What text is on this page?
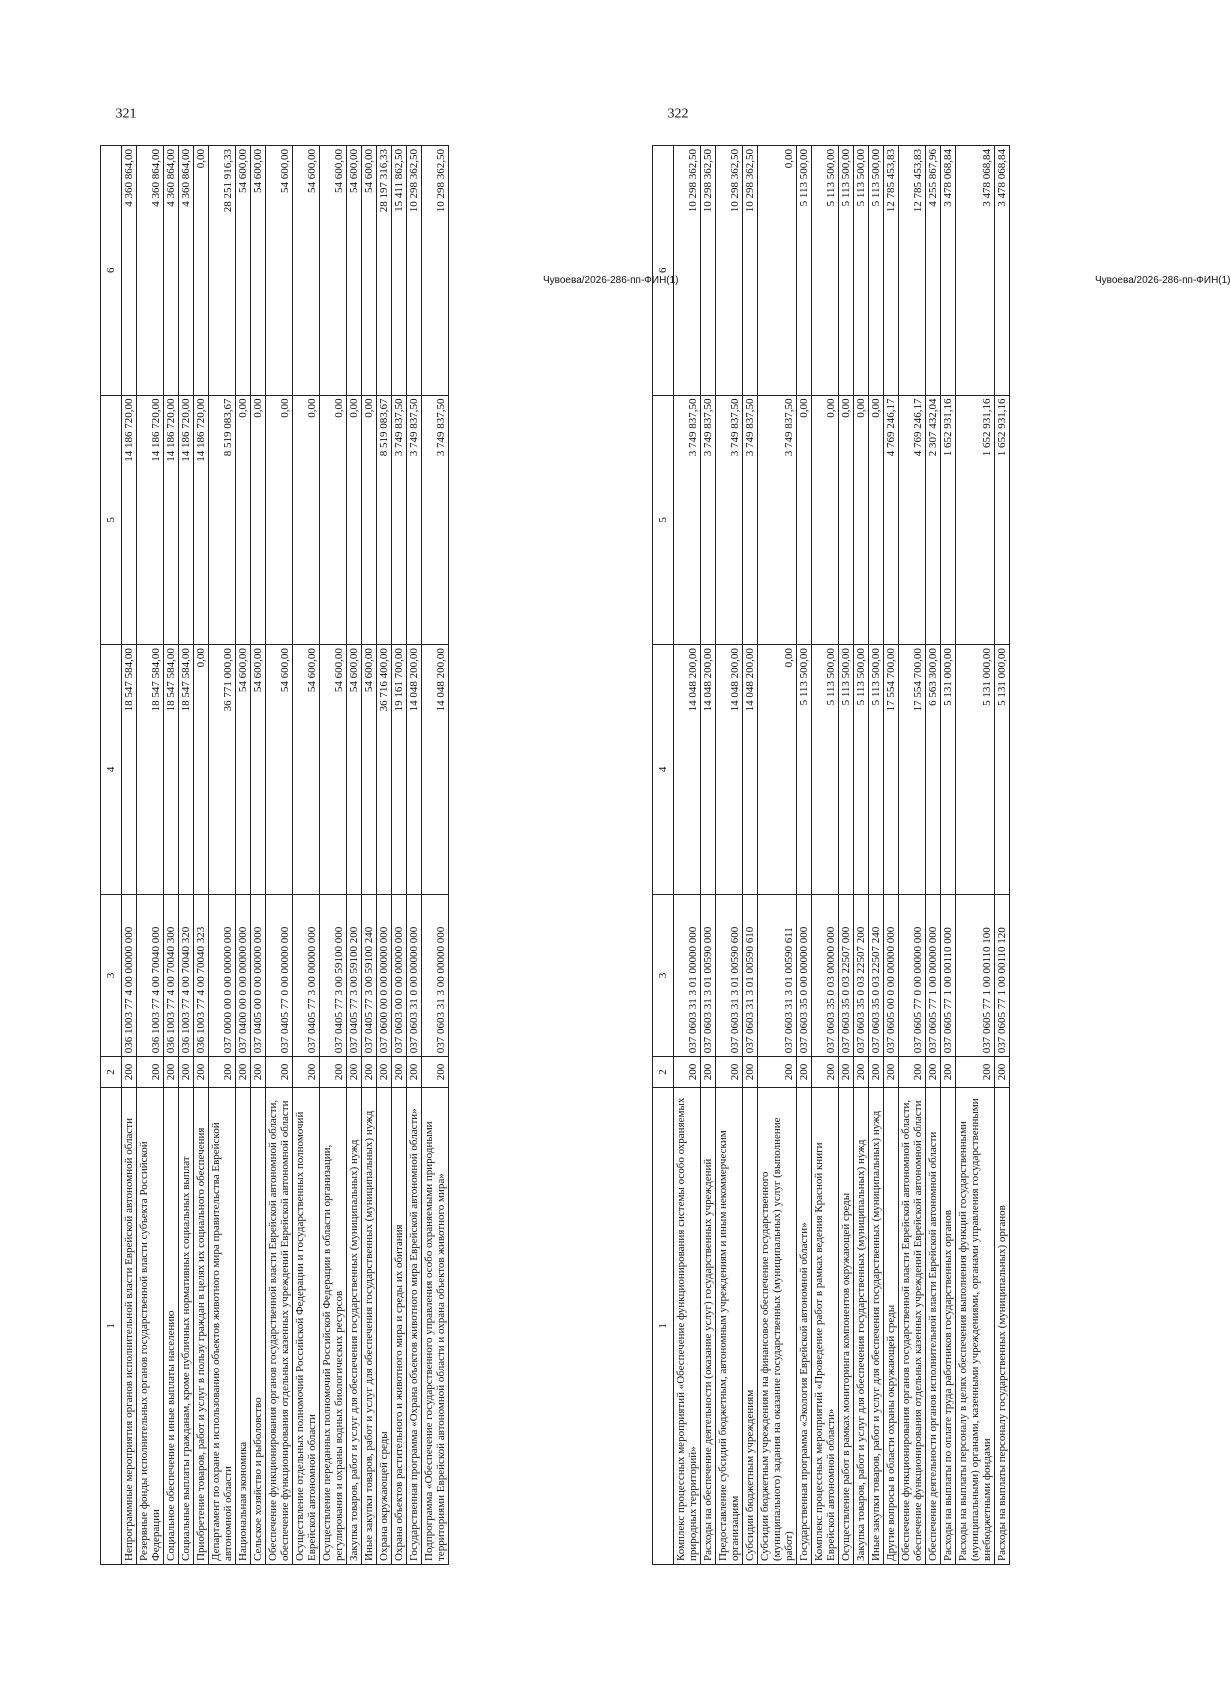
321
1	2	3	4	5	6
Непрограммные мероприятия органов исполнительной власти Еврейской автономной области	200	036 1003 77 4 00 00000 000	18 547 584,00	14 186 720,00	4 360 864,00
Резервные фонды исполнительных органов государственной власти субъекта Российской Федерации	200	036 1003 77 4 00 70040 000	18 547 584,00	14 186 720,00	4 360 864,00
Социальное обеспечение и иные выплаты населению	200	036 1003 77 4 00 70040 300	18 547 584,00	14 186 720,00	4 360 864,00
Социальные выплаты гражданам, кроме публичных нормативных социальных выплат	200	036 1003 77 4 00 70040 320	18 547 584,00	14 186 720,00	4 360 864,00
Приобретение товаров, работ и услуг в пользу граждан в целях их социального обеспечения	200	036 1003 77 4 00 70040 323	0,00	14 186 720,00	0,00
Департамент по охране и использованию объектов животного мира правительства Еврейской автономной области	200	037 0000 00 0 00 00000 000	36 771 000,00	8 519 083,67	28 251 916,33
Национальная экономика	200	037 0400 00 0 00 00000 000	54 600,00	0,00	54 600,00
Сельское хозяйство и рыболовство	200	037 0405 00 0 00 00000 000	54 600,00	0,00	54 600,00
Обеспечение функционирования органов государственной власти Еврейской автономной области, обеспечение функционирования отдельных казенных учреждений Еврейской автономной области	200	037 0405 77 0 00 00000 000	54 600,00	0,00	54 600,00
Осуществление отдельных полномочий Российской Федерации и государственных полномочий Еврейской автономной области	200	037 0405 77 3 00 00000 000	54 600,00	0,00	54 600,00
Осуществление переданных полномочий Российской Федерации в области организации, регулирования и охраны водных биологических ресурсов	200	037 0405 77 3 00 59100 000	54 600,00	0,00	54 600,00
Закупка товаров, работ и услуг для обеспечения государственных (муниципальных) нужд	200	037 0405 77 3 00 59100 200	54 600,00	0,00	54 600,00
Иные закупки товаров, работ и услуг для обеспечения государственных (муниципальных) нужд	200	037 0405 77 3 00 59100 240	54 600,00	0,00	54 600,00
Охрана окружающей среды	200	037 0600 00 0 00 00000 000	36 716 400,00	8 519 083,67	28 197 316,33
Охрана объектов растительного и животного мира и среды их обитания	200	037 0603 00 0 00 00000 000	19 161 700,00	3 749 837,50	15 411 862,50
Государственная программа «Охрана объектов животного мира Еврейской автономной области»	200	037 0603 31 0 00 00000 000	14 048 200,00	3 749 837,50	10 298 362,50
Подпрограмма «Обеспечение государственного управления особо охраняемыми природными территориями Еврейской автономной области и охрана объектов животного мира»	200	037 0603 31 3 00 00000 000	14 048 200,00	3 749 837,50	10 298 362,50
Чувоева/2026-286-пп-ФИН(1)
322
1	2	3	4	5	6
Комплекс процессных мероприятий «Обеспечение функционирования системы особо охраняемых природных территорий»	200	037 0603 31 3 01 00000 000	14 048 200,00	3 749 837,50	10 298 362,50
Расходы на обеспечение деятельности (оказание услуг) государственных учреждений	200	037 0603 31 3 01 00590 000	14 048 200,00	3 749 837,50	10 298 362,50
Предоставление субсидий бюджетным, автономным учреждениям и иным некоммерческим организациям	200	037 0603 31 3 01 00590 600	14 048 200,00	3 749 837,50	10 298 362,50
Субсидии бюджетным учреждениям	200	037 0603 31 3 01 00590 610	14 048 200,00	3 749 837,50	10 298 362,50
Субсидии бюджетным учреждениям на финансовое обеспечение государственного (муниципального) задания на оказание государственных (муниципальных) услуг (выполнение работ)	200	037 0603 31 3 01 00590 611	0,00	3 749 837,50	0,00
Государственная программа «Экология Еврейской автономной области»	200	037 0603 35 0 00 00000 000	5 113 500,00	0,00	5 113 500,00
Комплекс процессных мероприятий «Проведение работ в рамках ведения Красной книги Еврейской автономной области»	200	037 0603 35 0 03 00000 000	5 113 500,00	0,00	5 113 500,00
Осуществление работ в рамках мониторинга компонентов окружающей среды	200	037 0603 35 0 03 22507 000	5 113 500,00	0,00	5 113 500,00
Закупка товаров, работ и услуг для обеспечения государственных (муниципальных) нужд	200	037 0603 35 0 03 22507 200	5 113 500,00	0,00	5 113 500,00
Иные закупки товаров, работ и услуг для обеспечения государственных (муниципальных) нужд	200	037 0603 35 0 03 22507 240	5 113 500,00	0,00	5 113 500,00
Другие вопросы в области охраны окружающей среды	200	037 0605 00 0 00 00000 000	17 554 700,00	4 769 246,17	12 785 453,83
Обеспечение функционирования органов государственной власти Еврейской автономной области, обеспечение функционирования отдельных казенных учреждений Еврейской автономной области	200	037 0605 77 0 00 00000 000	17 554 700,00	4 769 246,17	12 785 453,83
Обеспечение деятельности органов исполнительной власти Еврейской автономной области	200	037 0605 77 1 00 00000 000	6 563 300,00	2 307 432,04	4 255 867,96
Расходы на выплаты по оплате труда работников государственных органов	200	037 0605 77 1 00 00110 000	5 131 000,00	1 652 931,16	3 478 068,84
Расходы на выплаты персоналу в целях обеспечения выполнения функций государственными (муниципальными) органами, казенными учреждениями, органами управления государственными внебюджетными фондами	200	037 0605 77 1 00 00110 100	5 131 000,00	1 652 931,16	3 478 068,84
Расходы на выплаты персоналу государственных (муниципальных) органов	200	037 0605 77 1 00 00110 120	5 131 000,00	1 652 931,16	3 478 068,84
Чувоева/2026-286-пп-ФИН(1)
